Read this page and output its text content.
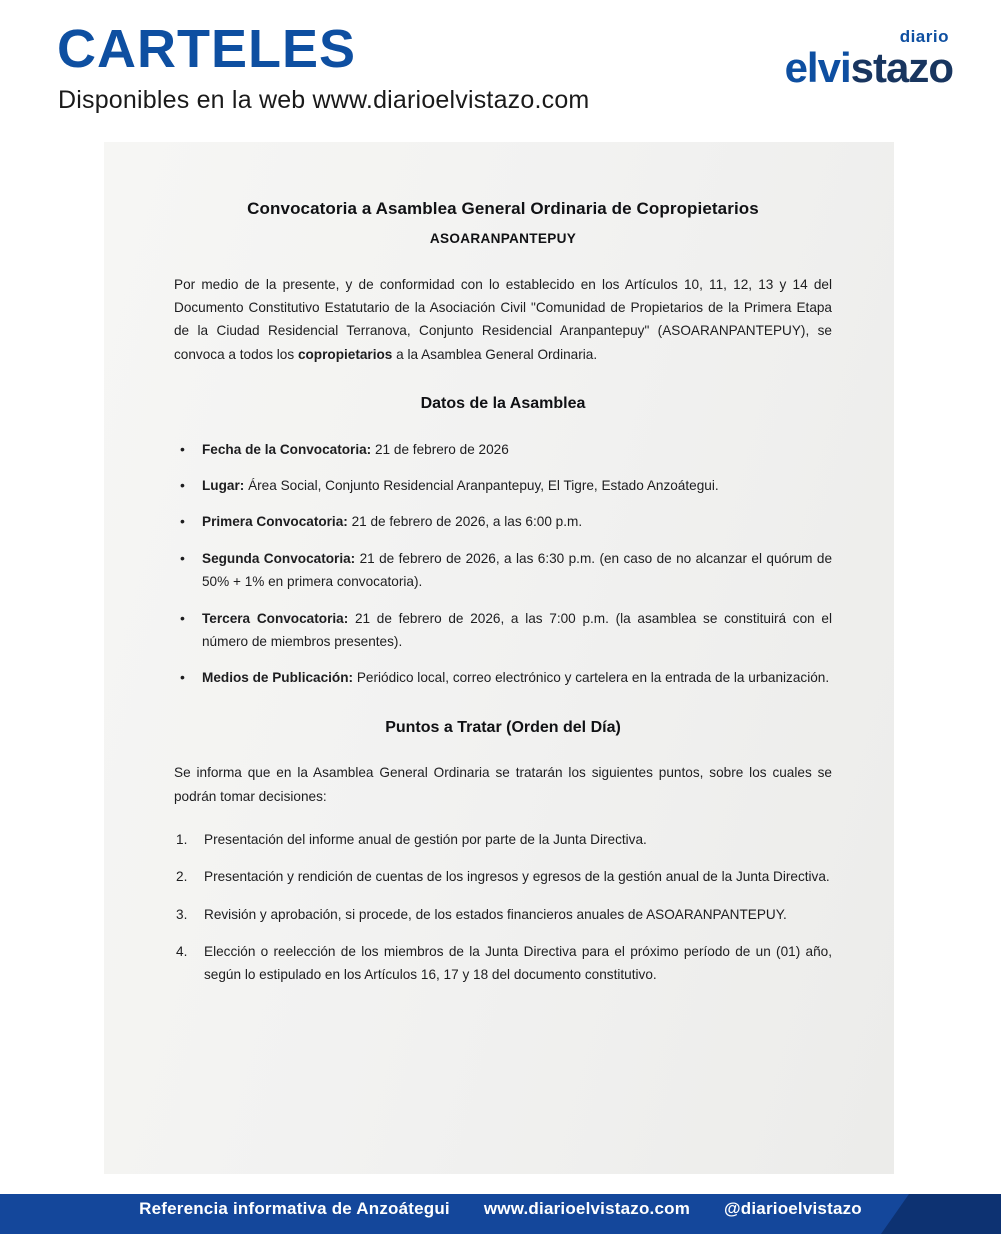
CARTELES
Disponibles en la web www.diarioelvistazo.com
diario
elvistazo
Convocatoria a Asamblea General Ordinaria de Copropietarios
ASOARANPANTEPUY

Por medio de la presente, y de conformidad con lo establecido en los Artículos 10, 11, 12, 13 y 14 del Documento Constitutivo Estatutario de la Asociación Civil "Comunidad de Propietarios de la Primera Etapa de la Ciudad Residencial Terranova, Conjunto Residencial Aranpantepuy" (ASOARANPANTEPUY), se convoca a todos los copropietarios a la Asamblea General Ordinaria.

Datos de la Asamblea
• Fecha de la Convocatoria: 21 de febrero de 2026
• Lugar: Área Social, Conjunto Residencial Aranpantepuy, El Tigre, Estado Anzoátegui.
• Primera Convocatoria: 21 de febrero de 2026, a las 6:00 p.m.
• Segunda Convocatoria: 21 de febrero de 2026, a las 6:30 p.m. (en caso de no alcanzar el quórum de 50% + 1% en primera convocatoria).
• Tercera Convocatoria: 21 de febrero de 2026, a las 7:00 p.m. (la asamblea se constituirá con el número de miembros presentes).
• Medios de Publicación: Periódico local, correo electrónico y cartelera en la entrada de la urbanización.
Puntos a Tratar (Orden del Día)

Se informa que en la Asamblea General Ordinaria se tratarán los siguientes puntos, sobre los cuales se podrán tomar decisiones:

Presentación del informe anual de gestión por parte de la Junta Directiva.
Presentación y rendición de cuentas de los ingresos y egresos de la gestión anual de la Junta Directiva.
Revisión y aprobación, si procede, de los estados financieros anuales de ASOARANPANTEPUY.
Elección o reelección de los miembros de la Junta Directiva para el próximo período de un (01) año, según lo estipulado en los Artículos 16, 17 y 18 del documento constitutivo.
Referencia informativa de Anzoátegui www.diarioelvistazo.com @diarioelvistazo
